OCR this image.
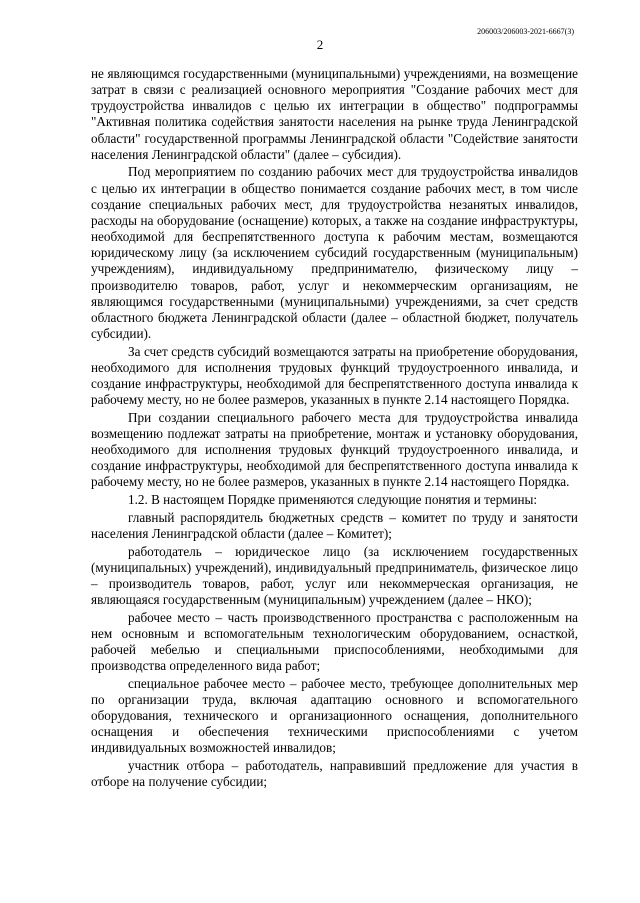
206003/206003-2021-6667(3)
2

не являющимся государственными (муниципальными) учреждениями, на возмещение затрат в связи с реализацией основного мероприятия "Создание рабочих мест для трудоустройства инвалидов с целью их интеграции в общество" подпрограммы "Активная политика содействия занятости населения на рынке труда Ленинградской области" государственной программы Ленинградской области "Содействие занятости населения Ленинградской области" (далее – субсидия).

Под мероприятием по созданию рабочих мест для трудоустройства инвалидов с целью их интеграции в общество понимается создание рабочих мест, в том числе создание специальных рабочих мест, для трудоустройства незанятых инвалидов, расходы на оборудование (оснащение) которых, а также на создание инфраструктуры, необходимой для беспрепятственного доступа к рабочим местам, возмещаются юридическому лицу (за исключением субсидий государственным (муниципальным) учреждениям), индивидуальному предпринимателю, физическому лицу – производителю товаров, работ, услуг и некоммерческим организациям, не являющимся государственными (муниципальными) учреждениями, за счет средств областного бюджета Ленинградской области (далее – областной бюджет, получатель субсидии).

За счет средств субсидий возмещаются затраты на приобретение оборудования, необходимого для исполнения трудовых функций трудоустроенного инвалида, и создание инфраструктуры, необходимой для беспрепятственного доступа инвалида к рабочему месту, но не более размеров, указанных в пункте 2.14 настоящего Порядка.

При создании специального рабочего места для трудоустройства инвалида возмещению подлежат затраты на приобретение, монтаж и установку оборудования, необходимого для исполнения трудовых функций трудоустроенного инвалида, и создание инфраструктуры, необходимой для беспрепятственного доступа инвалида к рабочему месту, но не более размеров, указанных в пункте 2.14 настоящего Порядка.

1.2. В настоящем Порядке применяются следующие понятия и термины:

главный распорядитель бюджетных средств – комитет по труду и занятости населения Ленинградской области (далее – Комитет);

работодатель – юридическое лицо (за исключением государственных (муниципальных) учреждений), индивидуальный предприниматель, физическое лицо – производитель товаров, работ, услуг или некоммерческая организация, не являющаяся государственным (муниципальным) учреждением (далее – НКО);

рабочее место – часть производственного пространства с расположенным на нем основным и вспомогательным технологическим оборудованием, оснасткой, рабочей мебелью и специальными приспособлениями, необходимыми для производства определенного вида работ;

специальное рабочее место – рабочее место, требующее дополнительных мер по организации труда, включая адаптацию основного и вспомогательного оборудования, технического и организационного оснащения, дополнительного оснащения и обеспечения техническими приспособлениями с учетом индивидуальных возможностей инвалидов;

участник отбора – работодатель, направивший предложение для участия в отборе на получение субсидии;
